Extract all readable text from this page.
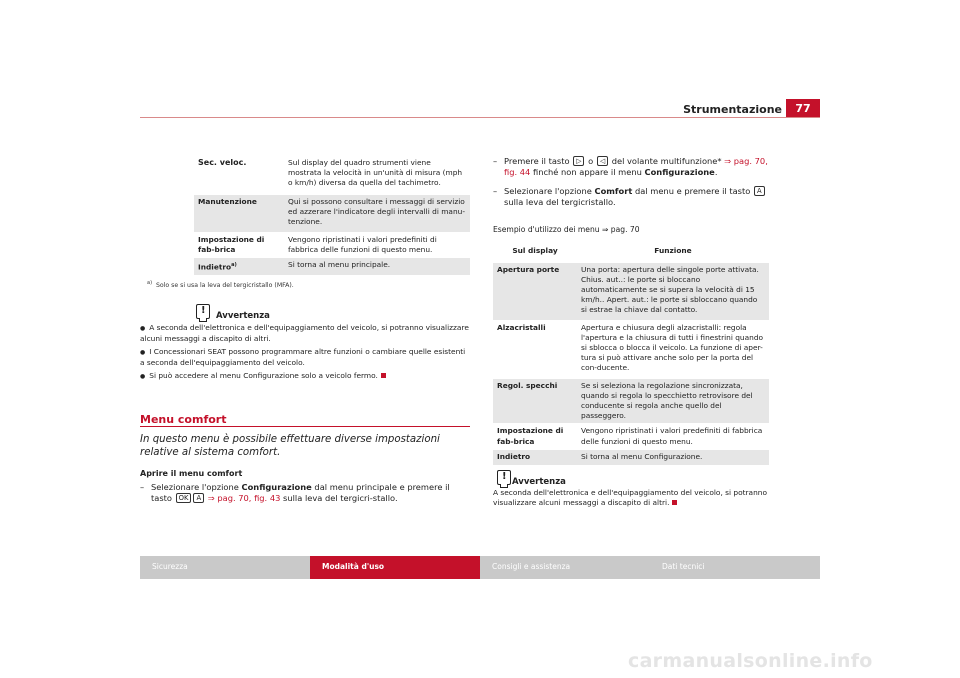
Strumentazione	77
Sec. veloc.	Sul display del quadro strumenti viene mostrata la velocità in un'unità di misura (mph o km/h) diversa da quella del tachimetro.
Manutenzione	Qui si possono consultare i messaggi di servizio ed azzerare l'indicatore degli intervalli di manu-tenzione.
Impostazione di fab-brica	Vengono ripristinati i valori predefiniti di fabbrica delle funzioni di questo menu.
Indietro$^{a)}$	Si torna al menu principale.
$^{a)}$ Solo se si usa la leva del tergicristallo (MFA).
!
Avvertenza
● A seconda dell'elettronica e dell'equipaggiamento del veicolo, si potranno visualizzare alcuni messaggi a discapito di altri.
● I Concessionari SEAT possono programmare altre funzioni o cambiare quelle esistenti a seconda dell'equipaggiamento del veicolo.
● Si può accedere al menu Configurazione solo a veicolo fermo.
Menu comfort
In questo menu è possibile effettuare diverse impostazioni relative al sistema comfort.
Aprire il menu comfort
– Selezionare l'opzione Configurazione dal menu principale e premere il tasto OK A ⇒ pag. 70, fig. 43 sulla leva del tergicri-stallo.
– Premere il tasto ▷ o ◁ del volante multifunzione* ⇒ pag. 70, fig. 44 finché non appare il menu Configurazione.
– Selezionare l'opzione Comfort dal menu e premere il tasto A sulla leva del tergicristallo.
Esempio d'utilizzo dei menu ⇒ pag. 70
Sul display	Funzione
Apertura porte	Una porta: apertura delle singole porte attivata. Chius. aut..: le porte si bloccano automaticamente se si supera la velocità di 15 km/h.. Apert. aut.: le porte si sbloccano quando si estrae la chiave dal contatto.
Alzacristalli	Apertura e chiusura degli alzacristalli: regola l'apertura e la chiusura di tutti i finestrini quando si sblocca o blocca il veicolo. La funzione di aper-tura si può attivare anche solo per la porta del con-ducente.
Regol. specchi	Se si seleziona la regolazione sincronizzata, quando si regola lo specchietto retrovisore del conducente si regola anche quello del passeggero.
Impostazione di fab-brica	Vengono ripristinati i valori predefiniti di fabbrica delle funzioni di questo menu.
Indietro	Si torna al menu Configurazione.
!
Avvertenza
A seconda dell'elettronica e dell'equipaggiamento del veicolo, si potranno visualizzare alcuni messaggi a discapito di altri.
Sicurezza	Modalità d'uso	Consigli e assistenza	Dati tecnici
carmanualsonline.info
